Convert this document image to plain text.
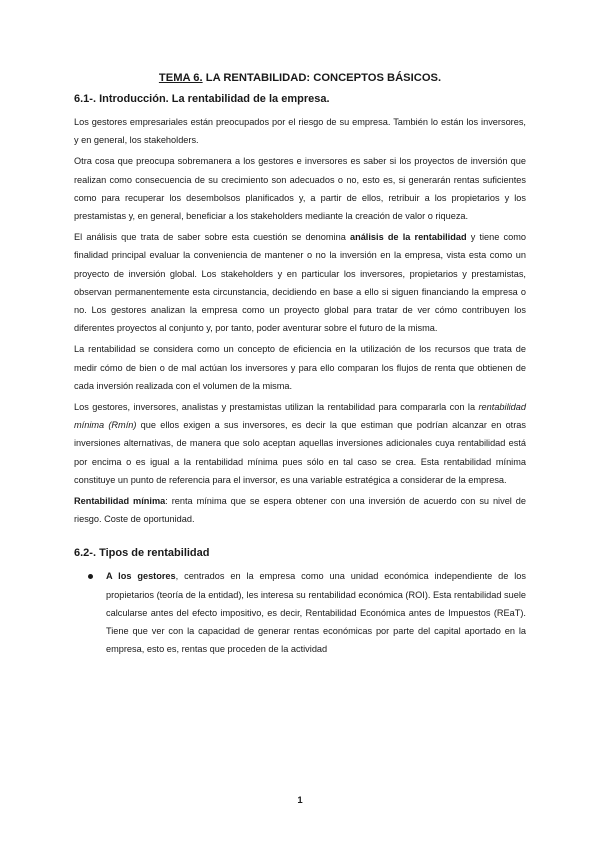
TEMA 6. LA RENTABILIDAD: CONCEPTOS BÁSICOS.
6.1-. Introducción. La rentabilidad de la empresa.

Los gestores empresariales están preocupados por el riesgo de su empresa. También lo están los inversores, y en general, los stakeholders.

Otra cosa que preocupa sobremanera a los gestores e inversores es saber si los proyectos de inversión que realizan como consecuencia de su crecimiento son adecuados o no, esto es, si generarán rentas suficientes como para recuperar los desembolsos planificados y, a partir de ellos, retribuir a los propietarios y los prestamistas y, en general, beneficiar a los stakeholders mediante la creación de valor o riqueza.

El análisis que trata de saber sobre esta cuestión se denomina análisis de la rentabilidad y tiene como finalidad principal evaluar la conveniencia de mantener o no la inversión en la empresa, vista esta como un proyecto de inversión global. Los stakeholders y en particular los inversores, propietarios y prestamistas, observan permanentemente esta circunstancia, decidiendo en base a ello si siguen financiando la empresa o no. Los gestores analizan la empresa como un proyecto global para tratar de ver cómo contribuyen los diferentes proyectos al conjunto y, por tanto, poder aventurar sobre el futuro de la misma.

La rentabilidad se considera como un concepto de eficiencia en la utilización de los recursos que trata de medir cómo de bien o de mal actúan los inversores y para ello comparan los flujos de renta que obtienen de cada inversión realizada con el volumen de la misma.

Los gestores, inversores, analistas y prestamistas utilizan la rentabilidad para compararla con la rentabilidad mínima (Rmín) que ellos exigen a sus inversores, es decir la que estiman que podrían alcanzar en otras inversiones alternativas, de manera que solo aceptan aquellas inversiones adicionales cuya rentabilidad está por encima o es igual a la rentabilidad mínima pues sólo en tal caso se crea. Esta rentabilidad mínima constituye un punto de referencia para el inversor, es una variable estratégica a considerar de la empresa.

Rentabilidad mínima: renta mínima que se espera obtener con una inversión de acuerdo con su nivel de riesgo. Coste de oportunidad.

6.2-. Tipos de rentabilidad
A los gestores, centrados en la empresa como una unidad económica independiente de los propietarios (teoría de la entidad), les interesa su rentabilidad económica (ROI). Esta rentabilidad suele calcularse antes del efecto impositivo, es decir, Rentabilidad Económica antes de Impuestos (REaT). Tiene que ver con la capacidad de generar rentas económicas por parte del capital aportado en la empresa, esto es, rentas que proceden de la actividad
1
